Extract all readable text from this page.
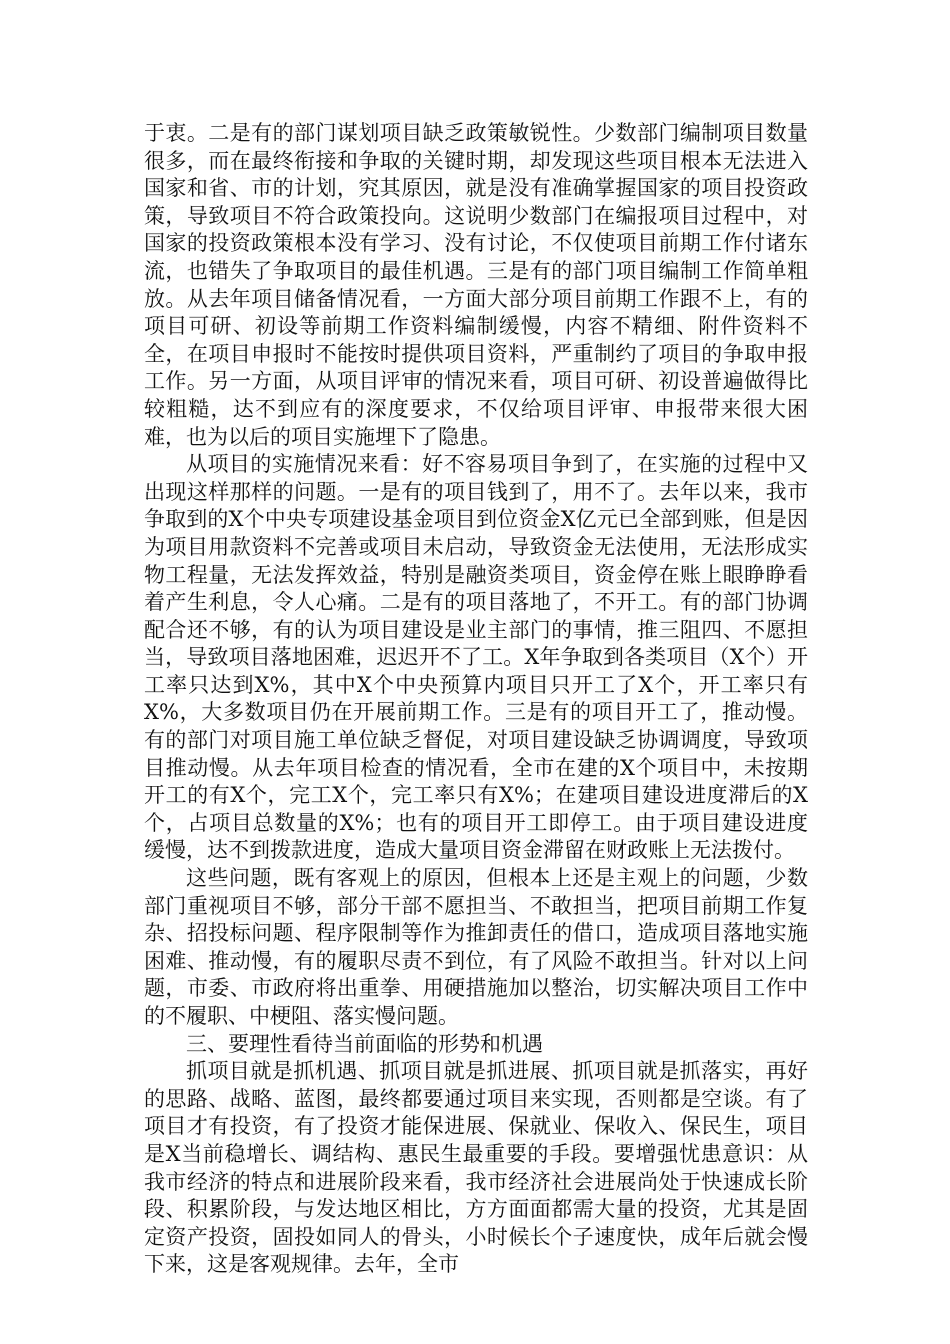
于衷。二是有的部门谋划项目缺乏政策敏锐性。少数部门编制项目数量很多，而在最终衔接和争取的关键时期，却发现这些项目根本无法进入国家和省、市的计划，究其原因，就是没有准确掌握国家的项目投资政策，导致项目不符合政策投向。这说明少数部门在编报项目过程中，对国家的投资政策根本没有学习、没有讨论，不仅使项目前期工作付诸东流，也错失了争取项目的最佳机遇。三是有的部门项目编制工作简单粗放。从去年项目储备情况看，一方面大部分项目前期工作跟不上，有的项目可研、初设等前期工作资料编制缓慢，内容不精细、附件资料不全，在项目申报时不能按时提供项目资料，严重制约了项目的争取申报工作。另一方面，从项目评审的情况来看，项目可研、初设普遍做得比较粗糙，达不到应有的深度要求，不仅给项目评审、申报带来很大困难，也为以后的项目实施埋下了隐患。

从项目的实施情况来看：好不容易项目争到了，在实施的过程中又出现这样那样的问题。一是有的项目钱到了，用不了。去年以来，我市争取到的X个中央专项建设基金项目到位资金X亿元已全部到账，但是因为项目用款资料不完善或项目未启动，导致资金无法使用，无法形成实物工程量，无法发挥效益，特别是融资类项目，资金停在账上眼睁睁看着产生利息，令人心痛。二是有的项目落地了，不开工。有的部门协调配合还不够，有的认为项目建设是业主部门的事情，推三阻四、不愿担当，导致项目落地困难，迟迟开不了工。X年争取到各类项目（X个）开工率只达到X%，其中X个中央预算内项目只开工了X个，开工率只有X%，大多数项目仍在开展前期工作。三是有的项目开工了，推动慢。有的部门对项目施工单位缺乏督促，对项目建设缺乏协调调度，导致项目推动慢。从去年项目检查的情况看，全市在建的X个项目中，未按期开工的有X个，完工X个，完工率只有X%；在建项目建设进度滞后的X个，占项目总数量的X%；也有的项目开工即停工。由于项目建设进度缓慢，达不到拨款进度，造成大量项目资金滞留在财政账上无法拨付。

这些问题，既有客观上的原因，但根本上还是主观上的问题，少数部门重视项目不够，部分干部不愿担当、不敢担当，把项目前期工作复杂、招投标问题、程序限制等作为推卸责任的借口，造成项目落地实施困难、推动慢，有的履职尽责不到位，有了风险不敢担当。针对以上问题，市委、市政府将出重拳、用硬措施加以整治，切实解决项目工作中的不履职、中梗阻、落实慢问题。

三、要理性看待当前面临的形势和机遇

抓项目就是抓机遇、抓项目就是抓进展、抓项目就是抓落实，再好的思路、战略、蓝图，最终都要通过项目来实现，否则都是空谈。有了项目才有投资，有了投资才能保进展、保就业、保收入、保民生，项目是X当前稳增长、调结构、惠民生最重要的手段。要增强忧患意识：从我市经济的特点和进展阶段来看，我市经济社会进展尚处于快速成长阶段、积累阶段，与发达地区相比，方方面面都需大量的投资，尤其是固定资产投资，固投如同人的骨头，小时候长个子速度快，成年后就会慢下来，这是客观规律。去年，全市
